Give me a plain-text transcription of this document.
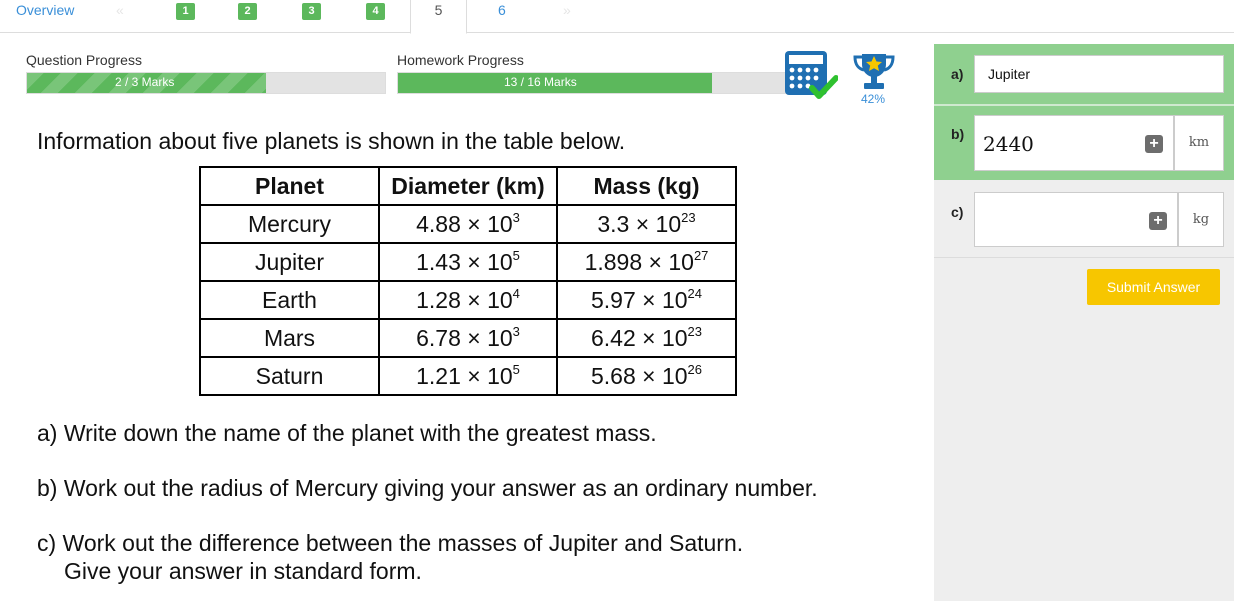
Overview	«	1	2	3	4	5	6	»
Question Progress
2 / 3 Marks
Homework Progress
13 / 16 Marks
42%
Information about five planets is shown in the table below.
Planet	Diameter (km)	Mass (kg)
Mercury	$4.88 \times 10^3$	$3.3 \times 10^{23}$
Jupiter	$1.43 \times 10^5$	$1.898 \times 10^{27}$
Earth	$1.28 \times 10^4$	$5.97 \times 10^{24}$
Mars	$6.78 \times 10^3$	$6.42 \times 10^{23}$
Saturn	$1.21 \times 10^5$	$5.68 \times 10^{26}$
a) Write down the name of the planet with the greatest mass.
b) Work out the radius of Mercury giving your answer as an ordinary number.
c) Work out the difference between the masses of Jupiter and Saturn.
Give your answer in standard form.
a) Jupiter
b) 2440	+	km
c)	+	kg
Submit Answer
